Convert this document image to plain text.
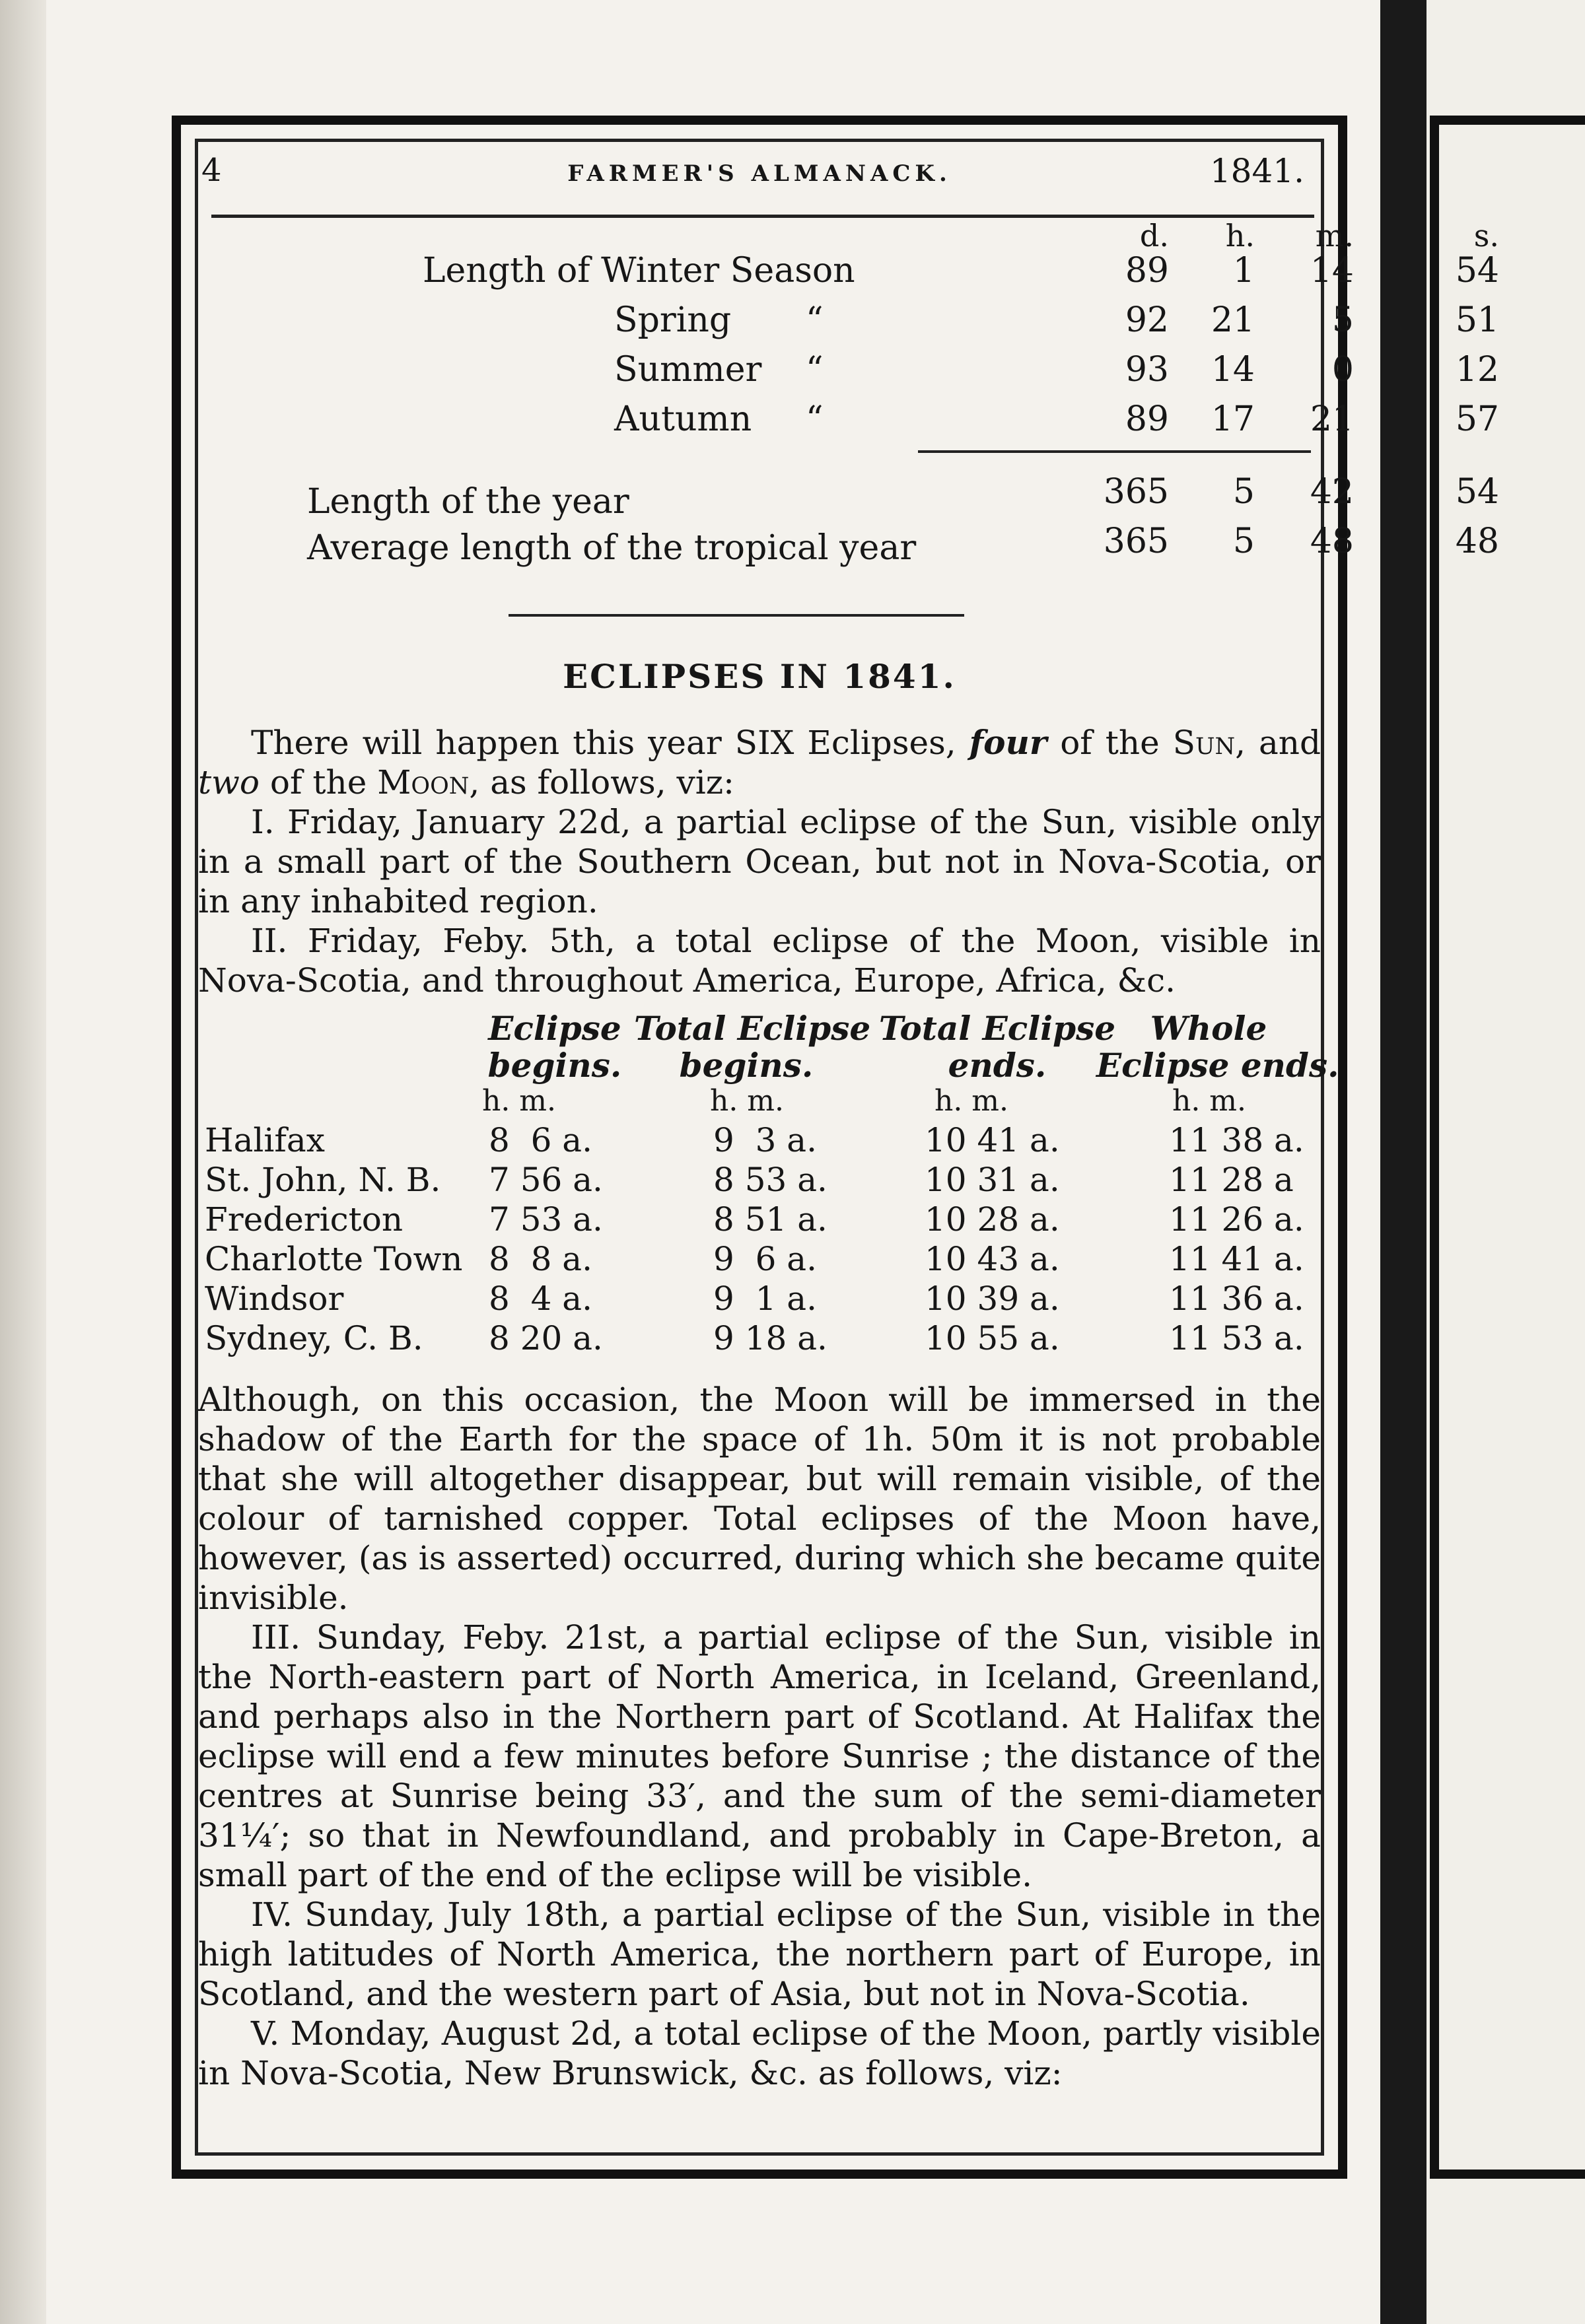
4	FARMER'S ALMANACK.	1841.
d.	h.	m.	s.
Length of Winter Season	89	1	14	54
Spring “	92 21	5	51
Summer “	93 14	0	12
Autumn “	89 17	21	57
Length of the year	365	5	42	54
Average length of the tropical year	365	5	48	48
ECLIPSES IN 1841.

There will happen this year SIX Eclipses, four of the Sun, and two of the Moon, as follows, viz:

I. Friday, January 22d, a partial eclipse of the Sun, visible only in a small part of the Southern Ocean, but not in Nova-Scotia, or in any inhabited region.

II. Friday, Feby. 5th, a total eclipse of the Moon, visible in Nova-Scotia, and throughout America, Europe, Africa, &c.

Eclipse
begins.
Total Eclipse
begins.
Total Eclipse
ends.
Whole
Eclipse ends.
h. m.	h. m.	h. m.	h. m.
Halifax	8  6 a.	9  3 a.	10 41 a.	11 38 a.
St. John, N. B. 7 56 a.	8 53 a.	10 31 a.	11 28 a
Fredericton	7 53 a.	8 51 a.	10 28 a.	11 26 a.
Charlotte Town 8  8 a.	9  6 a.	10 43 a.	11 41 a.
Windsor	8  4 a.	9  1 a.	10 39 a.	11 36 a.
Sydney, C. B. 8 20 a.	9 18 a.	10 55 a.	11 53 a.

Although, on this occasion, the Moon will be immersed in the shadow of the Earth for the space of 1h. 50m it is not probable that she will altogether disappear, but will remain visible, of the colour of tarnished copper. Total eclipses of the Moon have, however, (as is asserted) occurred, during which she became quite invisible.

III. Sunday, Feby. 21st, a partial eclipse of the Sun, visible in the North-eastern part of North America, in Iceland, Greenland, and perhaps also in the Northern part of Scotland. At Halifax the eclipse will end a few minutes before Sunrise ; the distance of the centres at Sunrise being 33′, and the sum of the semi-diameter 31¼′; so that in Newfoundland, and probably in Cape-Breton, a small part of the end of the eclipse will be visible.

IV. Sunday, July 18th, a partial eclipse of the Sun, visible in the high latitudes of North America, the northern part of Europe, in Scotland, and the western part of Asia, but not in Nova-Scotia.

V. Monday, August 2d, a total eclipse of the Moon, partly visible in Nova-Scotia, New Brunswick, &c. as follows, viz:
